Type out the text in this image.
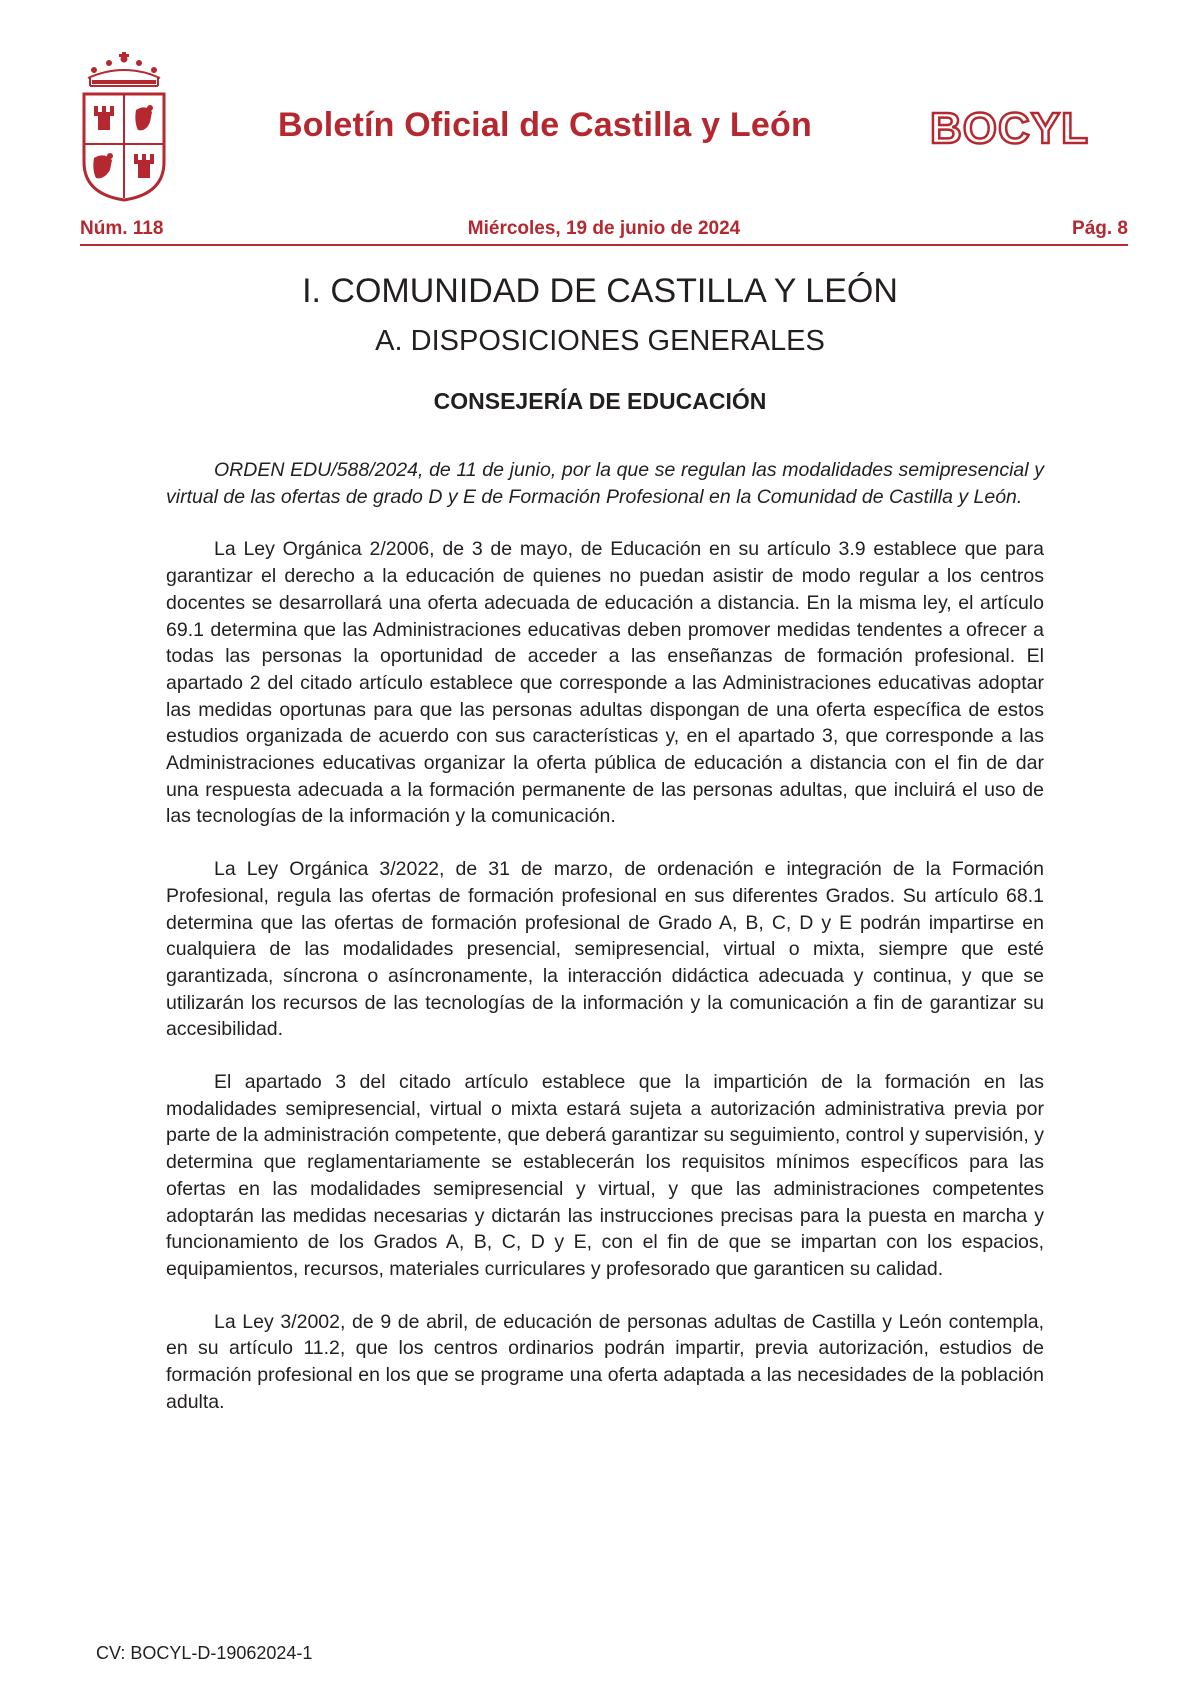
Boletín Oficial de Castilla y León	BOCYL
Núm. 118	Miércoles, 19 de junio de 2024	Pág. 8
I. COMUNIDAD DE CASTILLA Y LEÓN
A. DISPOSICIONES GENERALES
CONSEJERÍA DE EDUCACIÓN

ORDEN EDU/588/2024, de 11 de junio, por la que se regulan las modalidades semipresencial y virtual de las ofertas de grado D y E de Formación Profesional en la Comunidad de Castilla y León.

La Ley Orgánica 2/2006, de 3 de mayo, de Educación en su artículo 3.9 establece que para garantizar el derecho a la educación de quienes no puedan asistir de modo regular a los centros docentes se desarrollará una oferta adecuada de educación a distancia. En la misma ley, el artículo 69.1 determina que las Administraciones educativas deben promover medidas tendentes a ofrecer a todas las personas la oportunidad de acceder a las enseñanzas de formación profesional. El apartado 2 del citado artículo establece que corresponde a las Administraciones educativas adoptar las medidas oportunas para que las personas adultas dispongan de una oferta específica de estos estudios organizada de acuerdo con sus características y, en el apartado 3, que corresponde a las Administraciones educativas organizar la oferta pública de educación a distancia con el fin de dar una respuesta adecuada a la formación permanente de las personas adultas, que incluirá el uso de las tecnologías de la información y la comunicación.

La Ley Orgánica 3/2022, de 31 de marzo, de ordenación e integración de la Formación Profesional, regula las ofertas de formación profesional en sus diferentes Grados. Su artículo 68.1 determina que las ofertas de formación profesional de Grado A, B, C, D y E podrán impartirse en cualquiera de las modalidades presencial, semipresencial, virtual o mixta, siempre que esté garantizada, síncrona o asíncronamente, la interacción didáctica adecuada y continua, y que se utilizarán los recursos de las tecnologías de la información y la comunicación a fin de garantizar su accesibilidad.

El apartado 3 del citado artículo establece que la impartición de la formación en las modalidades semipresencial, virtual o mixta estará sujeta a autorización administrativa previa por parte de la administración competente, que deberá garantizar su seguimiento, control y supervisión, y determina que reglamentariamente se establecerán los requisitos mínimos específicos para las ofertas en las modalidades semipresencial y virtual, y que las administraciones competentes adoptarán las medidas necesarias y dictarán las instrucciones precisas para la puesta en marcha y funcionamiento de los Grados A, B, C, D y E, con el fin de que se impartan con los espacios, equipamientos, recursos, materiales curriculares y profesorado que garanticen su calidad.

La Ley 3/2002, de 9 de abril, de educación de personas adultas de Castilla y León contempla, en su artículo 11.2, que los centros ordinarios podrán impartir, previa autorización, estudios de formación profesional en los que se programe una oferta adaptada a las necesidades de la población adulta.

CV: BOCYL-D-19062024-1
